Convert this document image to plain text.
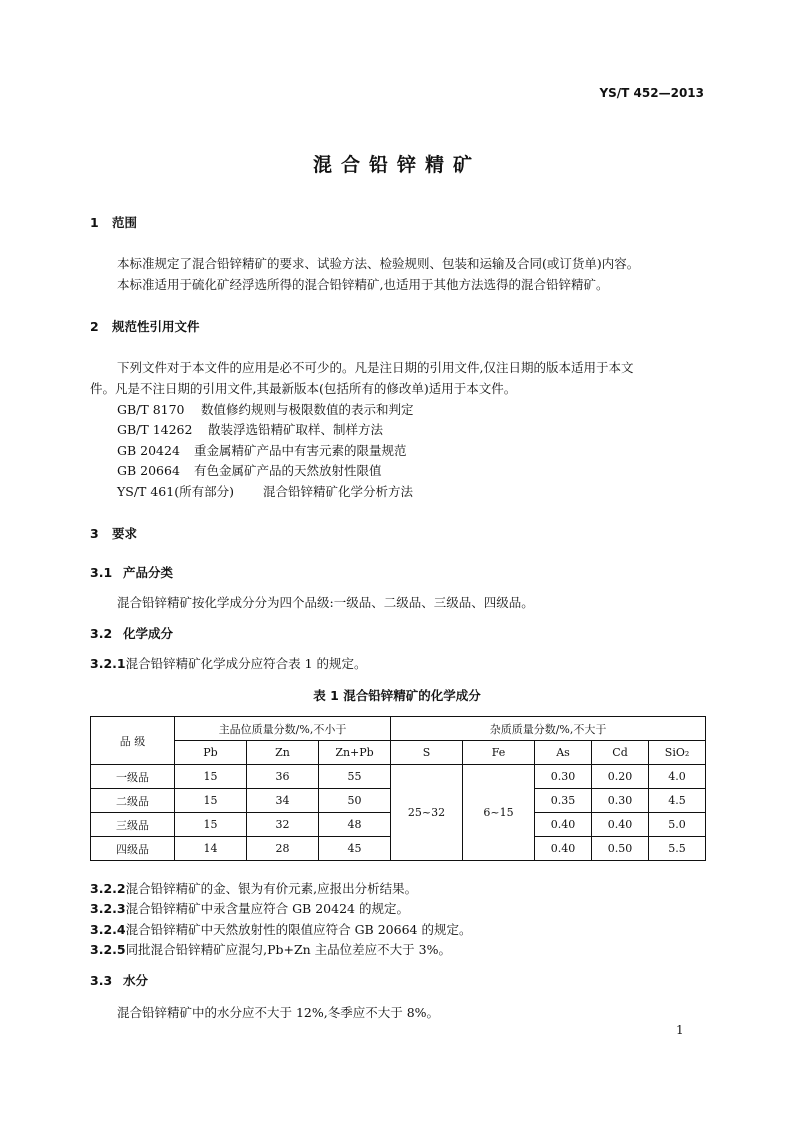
YS/T 452—2013
混合铅锌精矿
1 范围
本标准规定了混合铅锌精矿的要求、试验方法、检验规则、包装和运输及合同(或订货单)内容。
本标准适用于硫化矿经浮选所得的混合铅锌精矿,也适用于其他方法选得的混合铅锌精矿。
2 规范性引用文件
下列文件对于本文件的应用是必不可少的。凡是注日期的引用文件,仅注日期的版本适用于本文
件。凡是不注日期的引用文件,其最新版本(包括所有的修改单)适用于本文件。
GB/T 8170 数值修约规则与极限数值的表示和判定
GB/T 14262 散装浮选铅精矿取样、制样方法
GB 20424 重金属精矿产品中有害元素的限量规范
GB 20664 有色金属矿产品的天然放射性限值
YS/T 461(所有部分) 混合铅锌精矿化学分析方法
3 要求
3.1 产品分类
混合铅锌精矿按化学成分分为四个品级:一级品、二级品、三级品、四级品。
3.2 化学成分
3.2.1混合铅锌精矿化学成分应符合表 1 的规定。
表 1 混合铅锌精矿的化学成分
品 级	主品位质量分数/%,不小于			杂质质量分数/%,不大于				
	Pb	Zn	Zn+Pb	S	Fe	As	Cd	SiO₂
一级品	15	36	55	25~32	6~15	0.30	0.20	4.0
二级品	15	34	50			0.35	0.30	4.5
三级品	15	32	48			0.40	0.40	5.0
四级品	14	28	45			0.40	0.50	5.5
3.2.2混合铅锌精矿的金、银为有价元素,应报出分析结果。
3.2.3混合铅锌精矿中汞含量应符合 GB 20424 的规定。
3.2.4混合铅锌精矿中天然放射性的限值应符合 GB 20664 的规定。
3.2.5同批混合铅锌精矿应混匀,Pb+Zn 主品位差应不大于 3%。
3.3 水分
混合铅锌精矿中的水分应不大于 12%,冬季应不大于 8%。
1
